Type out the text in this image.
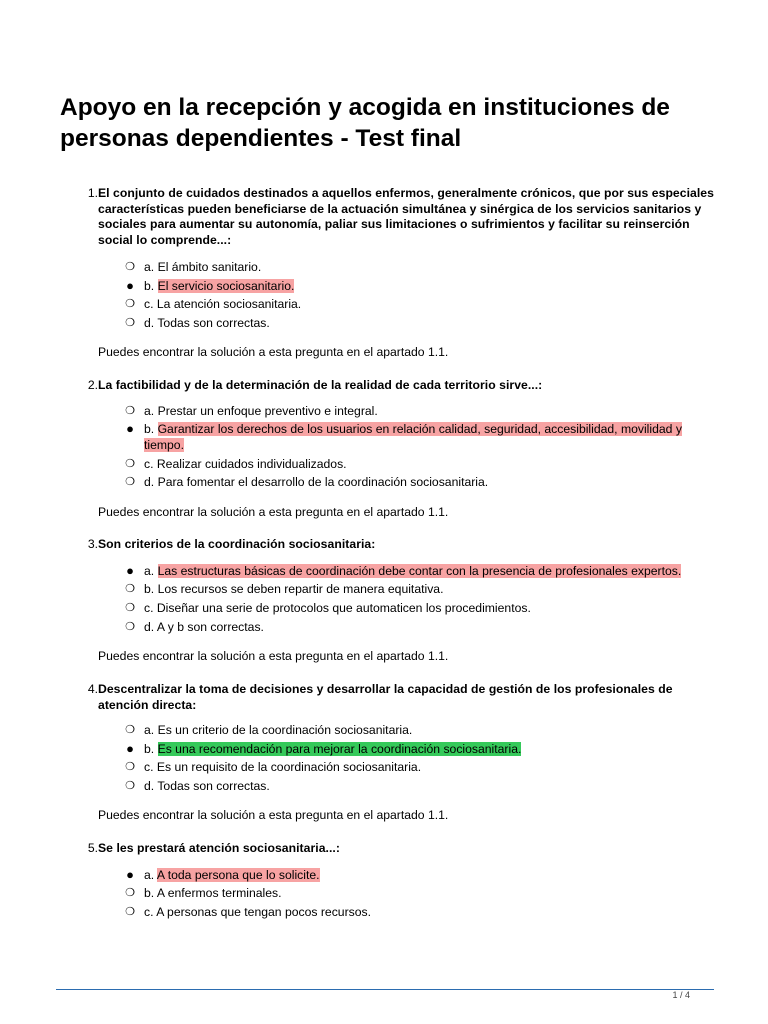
Apoyo en la recepción y acogida en instituciones de personas dependientes - Test final
1. El conjunto de cuidados destinados a aquellos enfermos, generalmente crónicos, que por sus especiales características pueden beneficiarse de la actuación simultánea y sinérgica de los servicios sanitarios y sociales para aumentar su autonomía, paliar sus limitaciones o sufrimientos y facilitar su reinserción social lo comprende...:
❍ a. El ámbito sanitario.
● b. El servicio sociosanitario.
❍ c. La atención sociosanitaria.
❍ d. Todas son correctas.
Puedes encontrar la solución a esta pregunta en el apartado 1.1.
2. La factibilidad y de la determinación de la realidad de cada territorio sirve...:
❍ a. Prestar un enfoque preventivo e integral.
● b. Garantizar los derechos de los usuarios en relación calidad, seguridad, accesibilidad, movilidad y tiempo.
❍ c. Realizar cuidados individualizados.
❍ d. Para fomentar el desarrollo de la coordinación sociosanitaria.
Puedes encontrar la solución a esta pregunta en el apartado 1.1.
3. Son criterios de la coordinación sociosanitaria:
● a. Las estructuras básicas de coordinación debe contar con la presencia de profesionales expertos.
❍ b. Los recursos se deben repartir de manera equitativa.
❍ c. Diseñar una serie de protocolos que automaticen los procedimientos.
❍ d. A y b son correctas.
Puedes encontrar la solución a esta pregunta en el apartado 1.1.
4. Descentralizar la toma de decisiones y desarrollar la capacidad de gestión de los profesionales de atención directa:
❍ a. Es un criterio de la coordinación sociosanitaria.
● b. Es una recomendación para mejorar la coordinación sociosanitaria.
❍ c. Es un requisito de la coordinación sociosanitaria.
❍ d. Todas son correctas.
Puedes encontrar la solución a esta pregunta en el apartado 1.1.
5. Se les prestará atención sociosanitaria...:
● a. A toda persona que lo solicite.
❍ b. A enfermos terminales.
❍ c. A personas que tengan pocos recursos.
1 / 4
